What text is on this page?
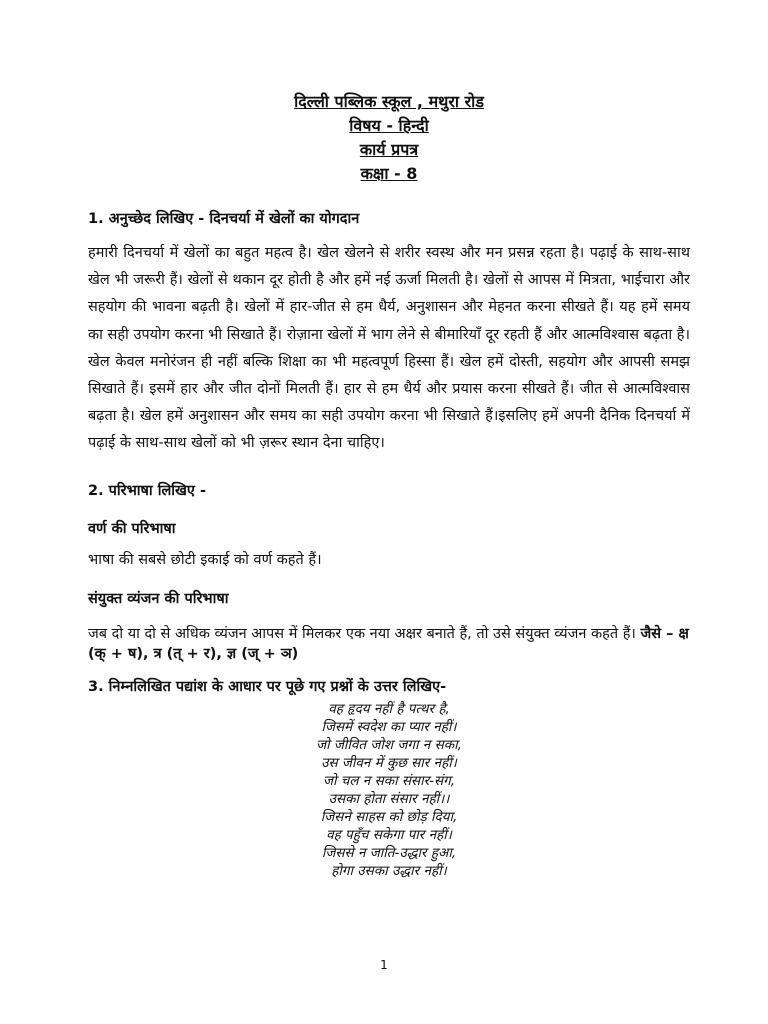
दिल्ली पब्लिक स्कूल , मथुरा रोड
विषय - हिन्दी
कार्य प्रपत्र
कक्षा - 8
1. अनुच्छेद लिखिए - दिनचर्या में खेलों का योगदान

हमारी दिनचर्या में खेलों का बहुत महत्व है। खेल खेलने से शरीर स्वस्थ और मन प्रसन्न रहता है। पढ़ाई के साथ-साथ खेल भी जरूरी हैं। खेलों से थकान दूर होती है और हमें नई ऊर्जा मिलती है। खेलों से आपस में मित्रता, भाईचारा और सहयोग की भावना बढ़ती है। खेलों में हार-जीत से हम धैर्य, अनुशासन और मेहनत करना सीखते हैं। यह हमें समय का सही उपयोग करना भी सिखाते हैं। रोज़ाना खेलों में भाग लेने से बीमारियाँ दूर रहती हैं और आत्मविश्वास बढ़ता है। खेल केवल मनोरंजन ही नहीं बल्कि शिक्षा का भी महत्वपूर्ण हिस्सा हैं। खेल हमें दोस्ती, सहयोग और आपसी समझ सिखाते हैं। इसमें हार और जीत दोनों मिलती हैं। हार से हम धैर्य और प्रयास करना सीखते हैं। जीत से आत्मविश्वास बढ़ता है। खेल हमें अनुशासन और समय का सही उपयोग करना भी सिखाते हैं।इसलिए हमें अपनी दैनिक दिनचर्या में पढ़ाई के साथ-साथ खेलों को भी ज़रूर स्थान देना चाहिए।

2. परिभाषा लिखिए -
वर्ण की परिभाषा

भाषा की सबसे छोटी इकाई को वर्ण कहते हैं।

संयुक्त व्यंजन की परिभाषा

जब दो या दो से अधिक व्यंजन आपस में मिलकर एक नया अक्षर बनाते हैं, तो उसे संयुक्त व्यंजन कहते हैं। जैसे – क्ष (क् + ष), त्र (त् + र), ज्ञ (ज् + ञ)

3. निम्नलिखित पद्यांश के आधार पर पूछे गए प्रश्नों के उत्तर लिखिए-
वह हृदय नहीं है पत्थर है,
जिसमें स्वदेश का प्यार नहीं।
जो जीवित जोश जगा न सका,
उस जीवन में कुछ सार नहीं।
जो चल न सका संसार-संग,
उसका होता संसार नहीं।।
जिसने साहस को छोड़ दिया,
वह पहुँच सकेगा पार नहीं।
जिससे न जाति-उद्धार हुआ,
होगा उसका उद्धार नहीं।
1
